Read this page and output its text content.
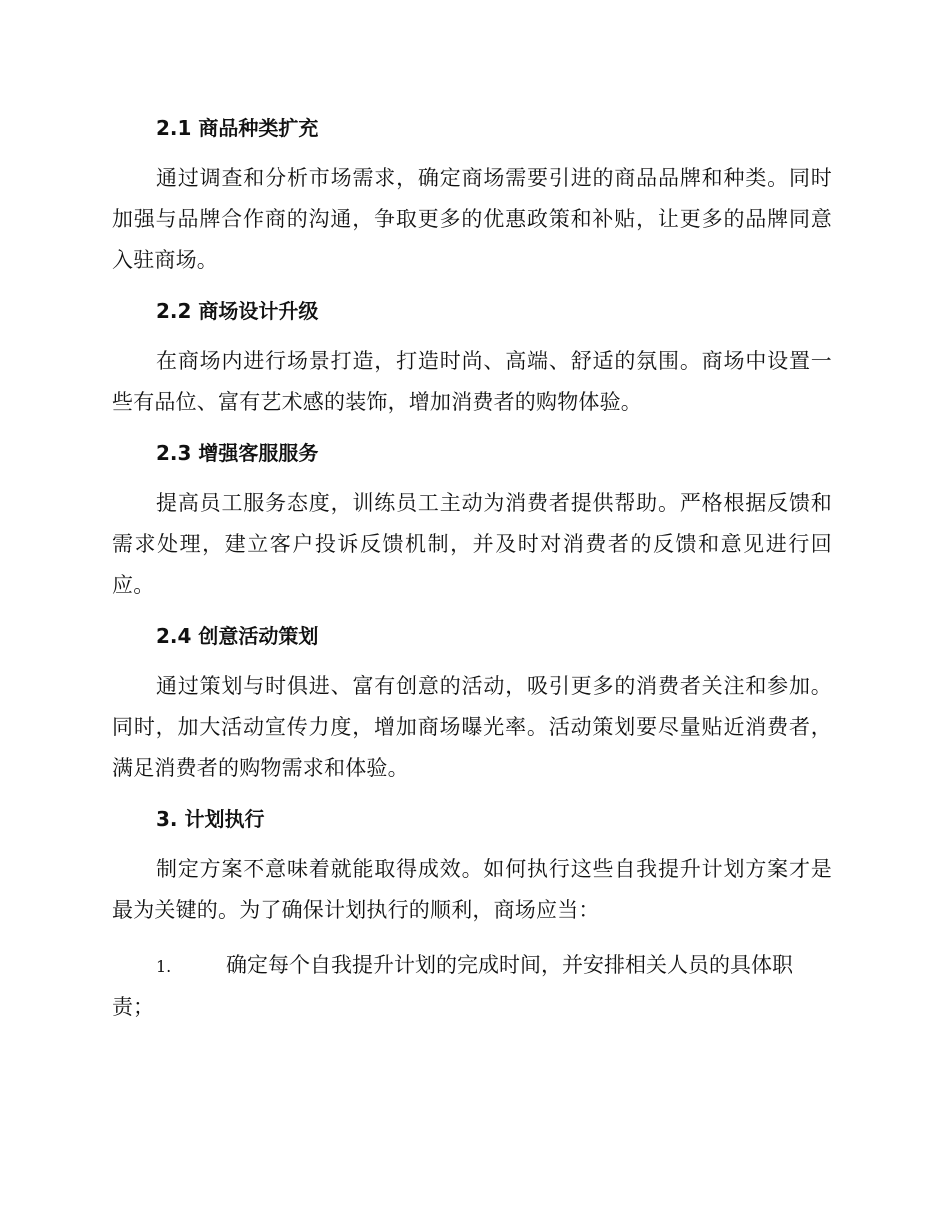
2.1 商品种类扩充

通过调查和分析市场需求，确定商场需要引进的商品品牌和种类。同时加强与品牌合作商的沟通，争取更多的优惠政策和补贴，让更多的品牌同意入驻商场。

2.2 商场设计升级

在商场内进行场景打造，打造时尚、高端、舒适的氛围。商场中设置一些有品位、富有艺术感的装饰，增加消费者的购物体验。

2.3 增强客服服务

提高员工服务态度，训练员工主动为消费者提供帮助。严格根据反馈和需求处理，建立客户投诉反馈机制，并及时对消费者的反馈和意见进行回应。

2.4 创意活动策划

通过策划与时俱进、富有创意的活动，吸引更多的消费者关注和参加。同时，加大活动宣传力度，增加商场曝光率。活动策划要尽量贴近消费者，满足消费者的购物需求和体验。

3. 计划执行

制定方案不意味着就能取得成效。如何执行这些自我提升计划方案才是最为关键的。为了确保计划执行的顺利，商场应当：

1.	确定每个自我提升计划的完成时间，并安排相关人员的具体职责；
